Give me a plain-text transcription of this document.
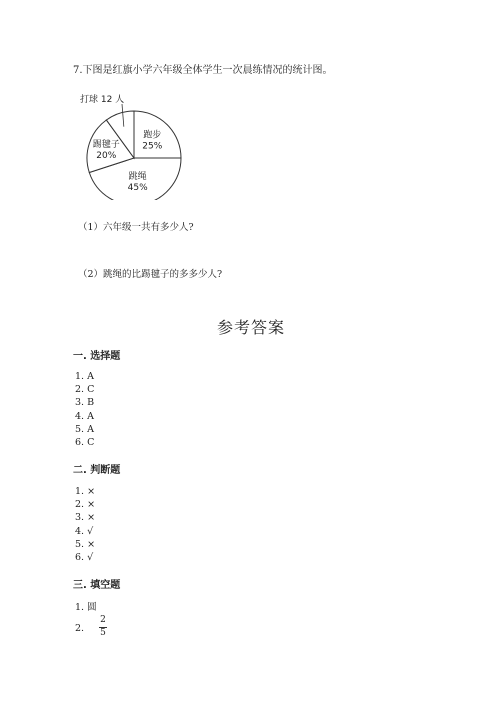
7.下图是红旗小学六年级全体学生一次晨练情况的统计图。
跑步
25%
跳绳
45%
踢毽子
20%
打球 12 人
（1）六年级一共有多少人?
（2）跳绳的比踢毽子的多多少人?
参考答案
一. 选择题
1. A
2. C
3. B
4. A
5. A
6. C
二. 判断题
1. ×
2. ×
3. ×
4. √
5. ×
6. √
三. 填空题
1. 圆
2.
2
5
